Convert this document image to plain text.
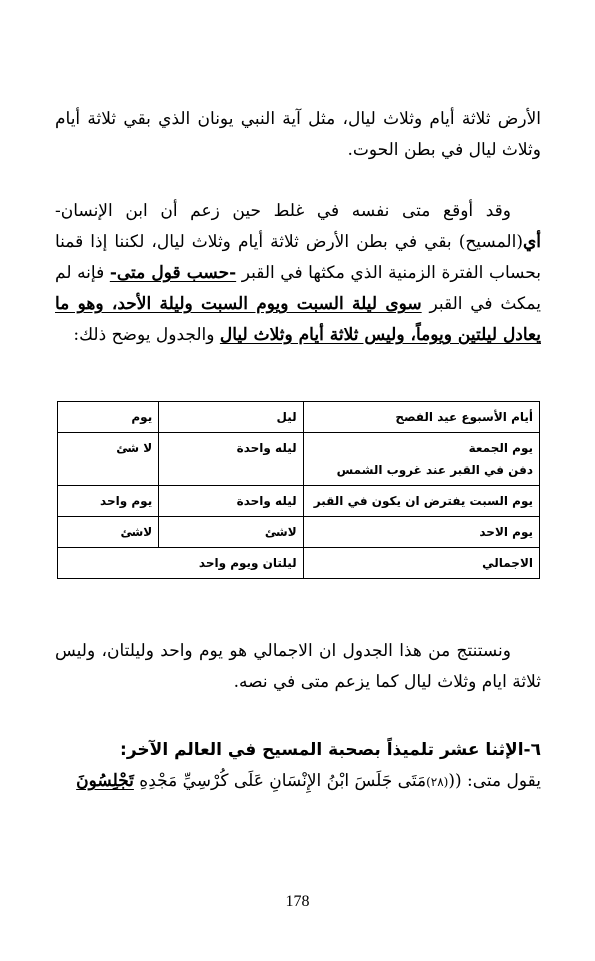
الأرض ثلاثة أيام وثلاث ليال، مثل آية النبي يونان الذي بقي ثلاثة أيام وثلاث ليال في بطن الحوت.
وقد أوقع متى نفسه في غلط حين زعم أن ابن الإنسان-أي(المسيح) بقي في بطن الأرض ثلاثة أيام وثلاث ليال، لكننا إذا قمنا بحساب الفترة الزمنية الذي مكثها في القبر -حسب قول متى- فإنه لم يمكث في القبر سوى ليلة السبت ويوم السبت وليلة الأحد، وهو ما يعادل ليلتين ويوماً، وليس ثلاثة أيام وثلاث ليال والجدول يوضح ذلك:
أيام الأسبوع عيد الفصح	ليل	يوم

يوم الجمعة
دفن في القبر عند غروب الشمس	ليله واحدة	لا شئ
يوم السبت يفترض ان يكون في القبر	ليله واحدة	يوم واحد
يوم الاحد	لاشئ	لاشئ
الاجمالي	ليلتان ويوم واحد	
ونستنتج من هذا الجدول ان الاجمالي هو يوم واحد وليلتان، وليس ثلاثة ايام وثلاث ليال كما يزعم متى في نصه.
٦-الإثنا عشر تلميذاً بصحبة المسيح في العالم الآخر:
يقول متى: (((٢٨)مَتَى جَلَسَ ابْنُ الإِنْسَانِ عَلَى كُرْسِيِّ مَجْدِهِ تَجْلِسُونَ
178
